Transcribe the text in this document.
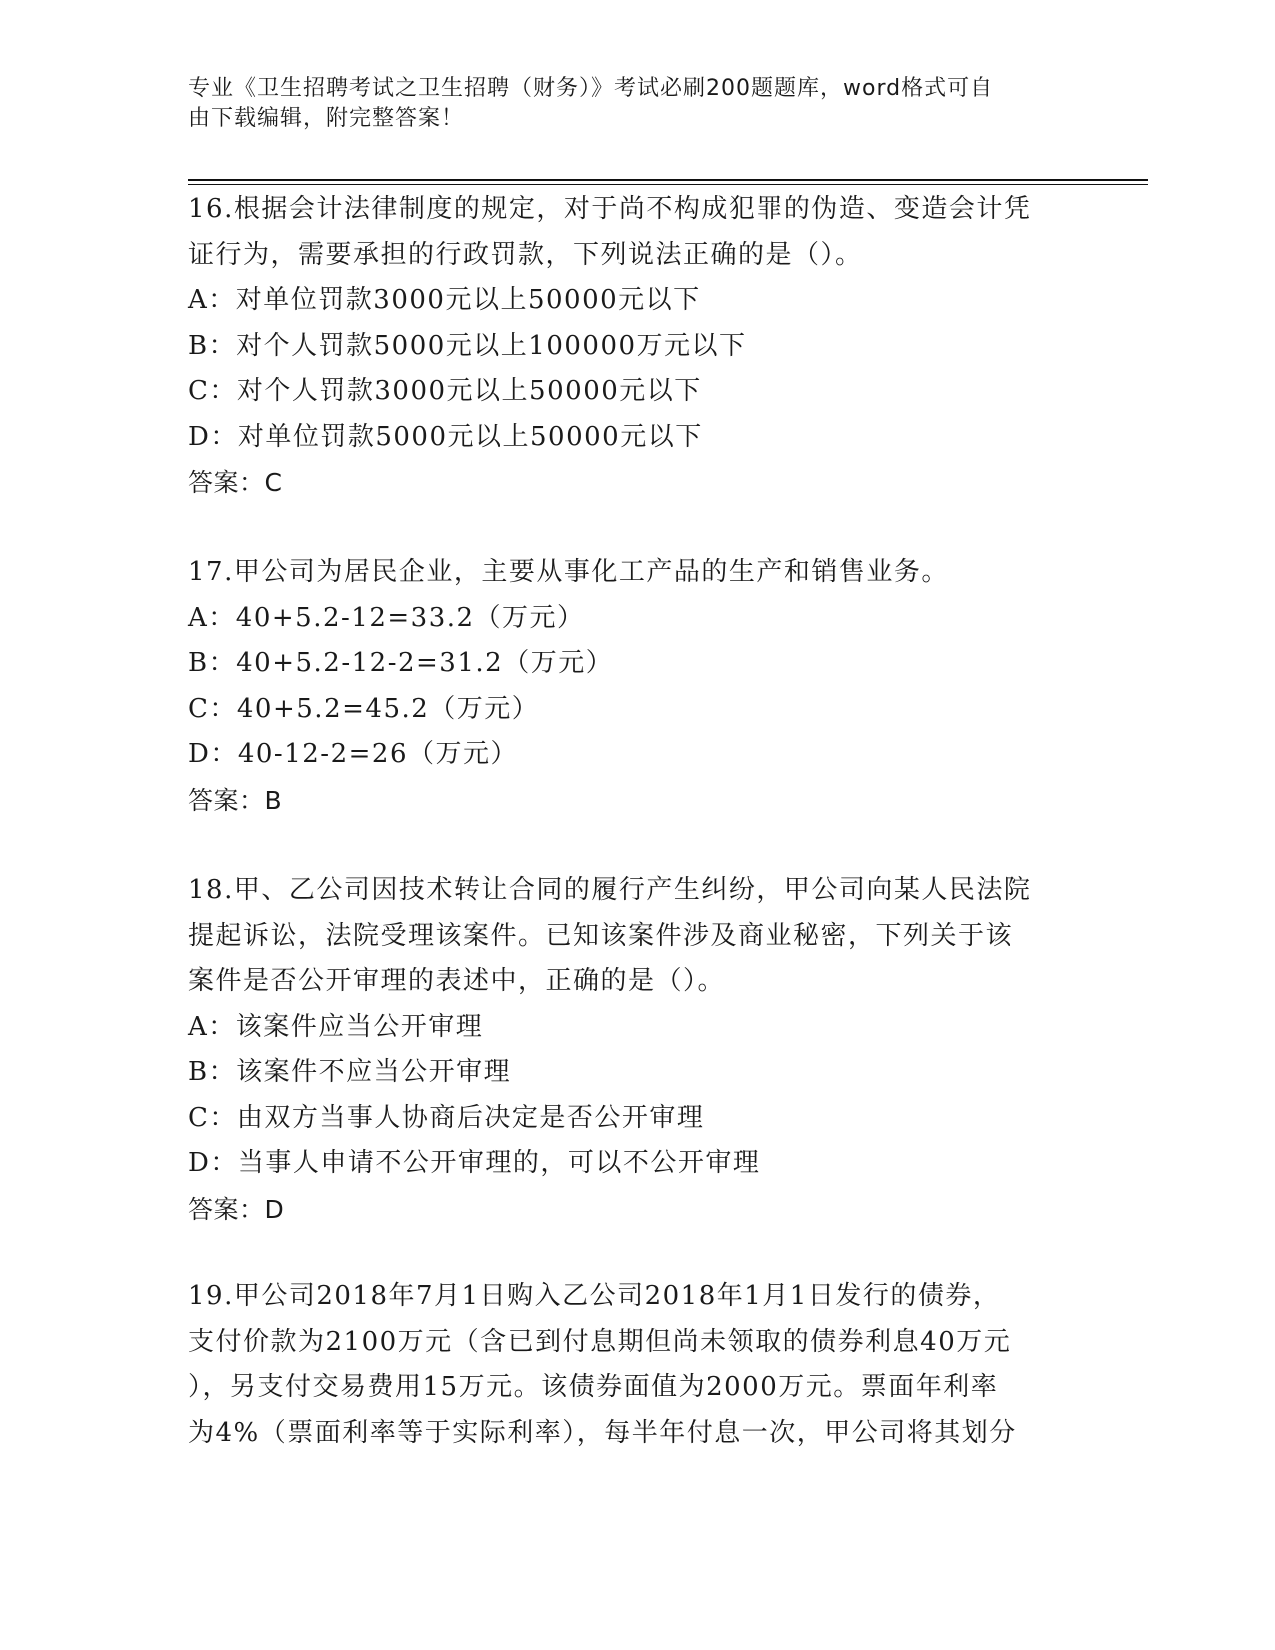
专业《卫生招聘考试之卫生招聘（财务）》考试必刷200题题库，word格式可自
由下载编辑，附完整答案！
16.根据会计法律制度的规定，对于尚不构成犯罪的伪造、变造会计凭
证行为，需要承担的行政罚款，下列说法正确的是（）。
A：对单位罚款3000元以上50000元以下
B：对个人罚款5000元以上100000万元以下
C：对个人罚款3000元以上50000元以下
D：对单位罚款5000元以上50000元以下
答案：C
17.甲公司为居民企业，主要从事化工产品的生产和销售业务。
A：40+5.2-12=33.2（万元）
B：40+5.2-12-2=31.2（万元）
C：40+5.2=45.2（万元）
D：40-12-2=26（万元）
答案：B
18.甲、乙公司因技术转让合同的履行产生纠纷，甲公司向某人民法院
提起诉讼，法院受理该案件。已知该案件涉及商业秘密，下列关于该
案件是否公开审理的表述中，正确的是（）。
A：该案件应当公开审理
B：该案件不应当公开审理
C：由双方当事人协商后决定是否公开审理
D：当事人申请不公开审理的，可以不公开审理
答案：D
19.甲公司2018年7月1日购入乙公司2018年1月1日发行的债券，
支付价款为2100万元（含已到付息期但尚未领取的债券利息40万元
），另支付交易费用15万元。该债券面值为2000万元。票面年利率
为4%（票面利率等于实际利率），每半年付息一次，甲公司将其划分
